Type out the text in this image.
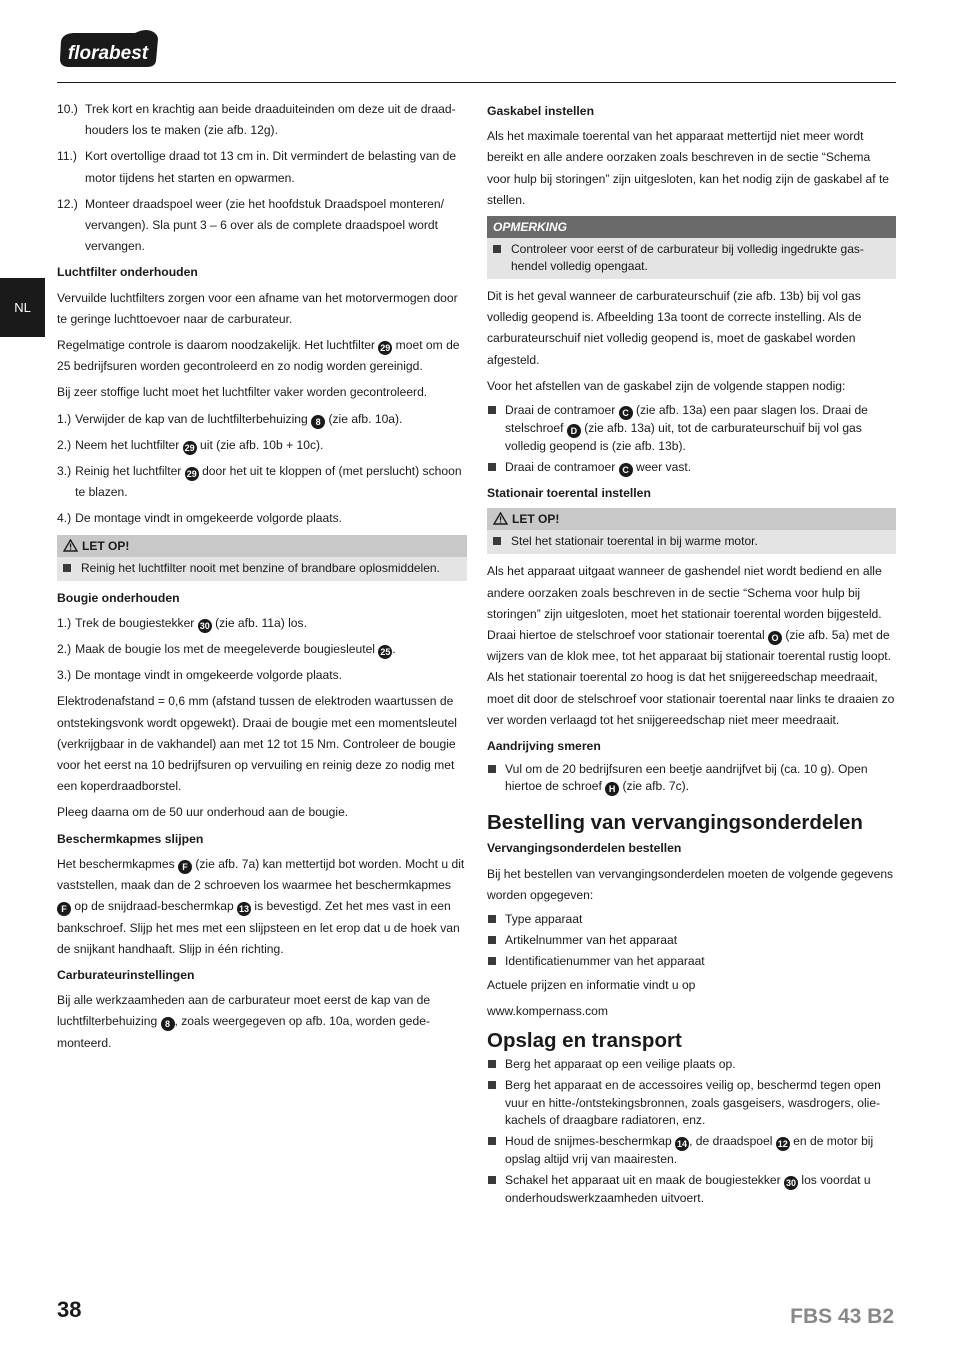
florabest
NL
10.) Trek kort en krachtig aan beide draaduiteinden om deze uit de draadhouders los te maken (zie afb. 12g).
11.) Kort overtollige draad tot 13 cm in. Dit vermindert de belasting van de motor tijdens het starten en opwarmen.
12.) Monteer draadspoel weer (zie het hoofdstuk Draadspoel monteren/ vervangen). Sla punt 3 – 6 over als de complete draadspoel wordt vervangen.
Luchtfilter onderhouden
Vervuilde luchtfilters zorgen voor een afname van het motorvermogen door te geringe luchttoevoer naar de carburateur.
Regelmatige controle is daarom noodzakelijk. Het luchtfilter 29 moet om de 25 bedrijfsuren worden gecontroleerd en zo nodig worden gereinigd.
Bij zeer stoffige lucht moet het luchtfilter vaker worden gecontroleerd.
1.) Verwijder de kap van de luchtfilterbehuizing 8 (zie afb. 10a).
2.) Neem het luchtfilter 29 uit (zie afb. 10b + 10c).
3.) Reinig het luchtfilter 29 door het uit te kloppen of (met perslucht) schoon te blazen.
4.) De montage vindt in omgekeerde volgorde plaats.
LET OP!
Reinig het luchtfilter nooit met benzine of brandbare oplosmiddelen.
Bougie onderhouden
1.) Trek de bougiestekker 30 (zie afb. 11a) los.
2.) Maak de bougie los met de meegeleverde bougiesleutel 25 .
3.) De montage vindt in omgekeerde volgorde plaats.
Elektrodenafstand = 0,6 mm (afstand tussen de elektroden waartussen de ontstekingsvonk wordt opgewekt). Draai de bougie met een momentsleutel (verkrijgbaar in de vakhandel) aan met 12 tot 15 Nm. Controleer de bougie voor het eerst na 10 bedrijfsuren op vervuiling en reinig deze zo nodig met een koperdraadborstel.
Pleeg daarna om de 50 uur onderhoud aan de bougie.
Beschermkapmes slijpen
Het beschermkapmes F (zie afb. 7a) kan mettertijd bot worden. Mocht u dit vaststellen, maak dan de 2 schroeven los waarmee het beschermkapmes F op de snijdraad-beschermkap 13 is bevestigd. Zet het mes vast in een bankschroef. Slijp het mes met een slijpsteen en let erop dat u de hoek van de snijkant handhaaft. Slijp in één richting.
Carburateurinstellingen
Bij alle werkzaamheden aan de carburateur moet eerst de kap van de luchtfilterbehuizing 8 , zoals weergegeven op afb. 10a, worden gedemonteerd.
Gaskabel instellen
Als het maximale toerental van het apparaat mettertijd niet meer wordt bereikt en alle andere oorzaken zoals beschreven in de sectie “Schema voor hulp bij storingen” zijn uitgesloten, kan het nodig zijn de gaskabel af te stellen.
OPMERKING
Controleer voor eerst of de carburateur bij volledig ingedrukte gashendel volledig opengaat.
Dit is het geval wanneer de carburateurschuif (zie afb. 13b) bij vol gas volledig geopend is. Afbeelding 13a toont de correcte instelling. Als de carburateurschuif niet volledig geopend is, moet de gaskabel worden afgesteld.
Voor het afstellen van de gaskabel zijn de volgende stappen nodig:
Draai de contramoer C (zie afb. 13a) een paar slagen los. Draai de stelschroef D (zie afb. 13a) uit, tot de carburateurschuif bij vol gas volledig geopend is (zie afb. 13b).
Draai de contramoer C weer vast.
Stationair toerental instellen
LET OP!
Stel het stationair toerental in bij warme motor.
Als het apparaat uitgaat wanneer de gashendel niet wordt bediend en alle andere oorzaken zoals beschreven in de sectie “Schema voor hulp bij storingen” zijn uitgesloten, moet het stationair toerental worden bijgesteld. Draai hiertoe de stelschroef voor stationair toerental O (zie afb. 5a) met de wijzers van de klok mee, tot het apparaat bij stationair toerental rustig loopt. Als het stationair toerental zo hoog is dat het snijgereedschap meedraait, moet dit door de stelschroef voor stationair toerental naar links te draaien zo ver worden verlaagd tot het snijgereedschap niet meer meedraait.
Aandrijving smeren
Vul om de 20 bedrijfsuren een beetje aandrijfvet bij (ca. 10 g). Open hiertoe de schroef H (zie afb. 7c).
Bestelling van vervangingsonderdelen
Vervangingsonderdelen bestellen
Bij het bestellen van vervangingsonderdelen moeten de volgende gegevens worden opgegeven:
Type apparaat
Artikelnummer van het apparaat
Identificatienummer van het apparaat
Actuele prijzen en informatie vindt u op
www.kompernass.com
Opslag en transport
Berg het apparaat op een veilige plaats op.
Berg het apparaat en de accessoires veilig op, beschermd tegen open vuur en hitte-/ontstekingsbronnen, zoals gasgeisers, wasdrogers, oliekachels of draagbare radiatoren, enz.
Houd de snijmes-beschermkap 14 , de draadspoel 12 en de motor bij opslag altijd vrij van maairesten.
Schakel het apparaat uit en maak de bougiestekker 30 los voordat u onderhoudswerkzaamheden uitvoert.
38	FBS 43 B2
